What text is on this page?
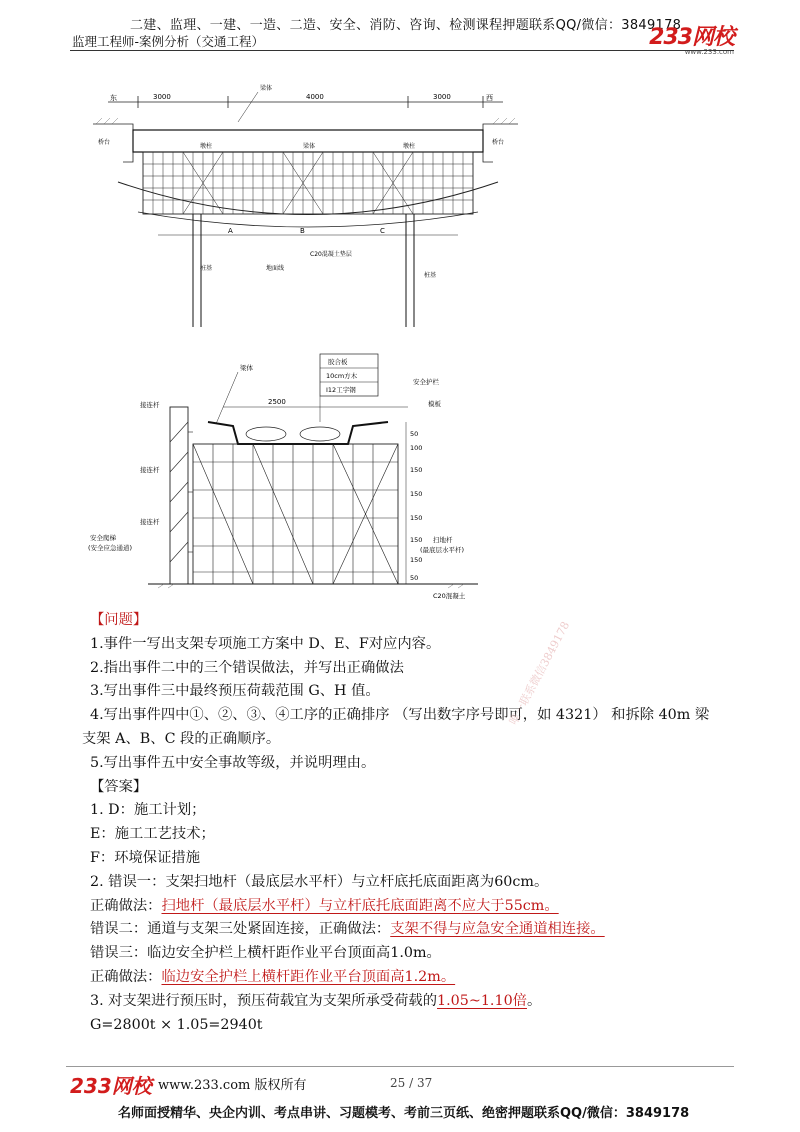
二建、监理、一建、一造、二造、安全、消防、咨询、检测课程押题联系QQ/微信：3849178
监理工程师-案例分析（交通工程）	233网校
www.233.com
3000	4000	3000
东	西
梁体
桥台	桥台
墩柱	梁体	墩柱
A	B	C
C20混凝土垫层
桩基	地面线
桩基
胶合板
10cm方木
I12工字钢
梁体
安全护栏
模板
2500
接连杆
接连杆
接连杆
安全爬梯
(安全应急通道)
50
100
150
150
150
150
150
50
扫地杆
(最底层水平杆)
C20混凝土

【问题】

1.事件一写出支架专项施工方案中 D、E、F对应内容。

2.指出事件二中的三个错误做法，并写出正确做法

3.写出事件三中最终预压荷载范围 G、H 值。

4.写出事件四中①、②、③、④工序的正确排序 （写出数字序号即可，如 4321） 和拆除 40m 梁

支架 A、B、C 段的正确顺序。

5.写出事件五中安全事故等级，并说明理由。

【答案】

1. D：施工计划；

E：施工工艺技术；

F：环境保证措施

2. 错误一：支架扫地杆（最底层水平杆）与立杆底托底面距离为60cm。

正确做法：扫地杆（最底层水平杆）与立杆底托底面距离不应大于55cm。

错误二：通道与支架三处紧固连接，正确做法：支架不得与应急安全通道相连接。

错误三：临边安全护栏上横杆距作业平台顶面高1.0m。

正确做法：临边安全护栏上横杆距作业平台顶面高1.2m。

3. 对支架进行预压时，预压荷载宜为支架所承受荷载的1.05~1.10倍。

G=2800t × 1.05=2940t

唯一联系微信3849178
233网校 www.233.com 版权所有	25 / 37
名师面授精华、央企内训、考点串讲、习题模考、考前三页纸、绝密押题联系QQ/微信：3849178
